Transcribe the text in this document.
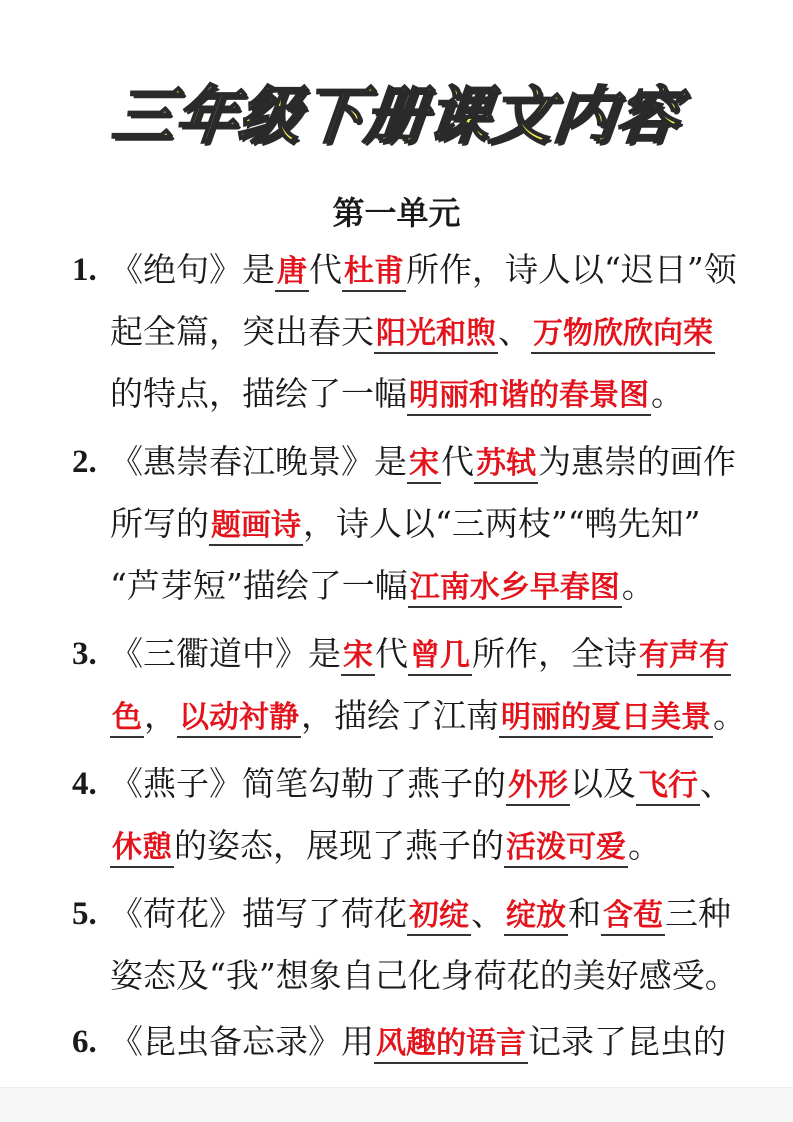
三年级下册课文内容
第一单元
1. 《绝句》是唐代杜甫所作，诗人以“迟日”领
起全篇，突出春天阳光和煦、万物欣欣向荣
的特点，描绘了一幅明丽和谐的春景图。
2. 《惠崇春江晚景》是宋代苏轼为惠崇的画作
所写的题画诗，诗人以“三两枝”“鸭先知”
“芦芽短”描绘了一幅江南水乡早春图。
3. 《三衢道中》是宋代曾几所作，全诗有声有
色，以动衬静，描绘了江南明丽的夏日美景。
4. 《燕子》简笔勾勒了燕子的外形以及飞行、
休憩的姿态，展现了燕子的活泼可爱。
5. 《荷花》描写了荷花初绽、绽放和含苞三种
姿态及“我”想象自己化身荷花的美好感受。
6. 《昆虫备忘录》用风趣的语言记录了昆虫的
